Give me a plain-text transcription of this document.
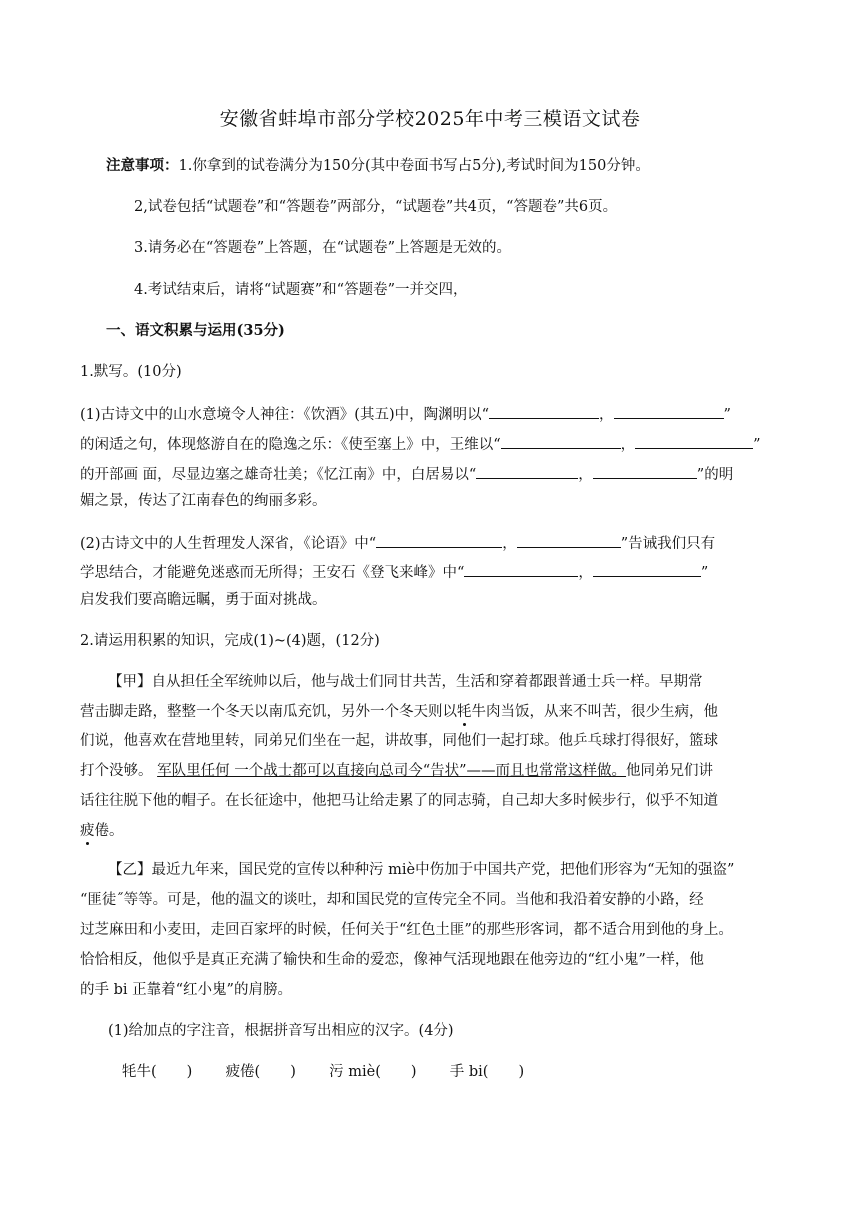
安徽省蚌埠市部分学校2025年中考三模语文试卷
注意事项：1.你拿到的试卷满分为150分(其中卷面书写占5分),考试时间为150分钟。
2,试卷包括“试题卷”和“答题卷”两部分，“试题卷”共4页，“答题卷”共6页。
3.请务必在“答题卷”上答题，在“试题卷”上答题是无效的。
4.考试结束后，请将“试题赛”和“答题卷”一并交四，
一、语文积累与运用(35分)
1.默写。(10分)
(1)古诗文中的山水意境令人神往：《饮酒》(其五)中，陶渊明以“	，	”
的闲适之句，体现悠游自在的隐逸之乐：《使至塞上》中，王维以“	，	”
的开部画 面，尽显边塞之雄奇壮美；《忆江南》中，白居易以“	，	”的明
媚之景，传达了江南春色的绚丽多彩。
(2)古诗文中的人生哲理发人深省，《论语》中“	，	”告诫我们只有
学思结合，才能避免迷惑而无所得；王安石《登飞来峰》中“	，	”
启发我们要高瞻远瞩，勇于面对挑战。
2.请运用积累的知识，完成(1)~(4)题，(12分)
【甲】自从担任全军统帅以后，他与战士们同甘共苦，生活和穿着都跟普通士兵一样。早期常
营击脚走路，整整一个冬天以南瓜充饥，另外一个冬天则以牦牛肉当饭，从来不叫苦，很少生病，他
们说，他喜欢在营地里转，同弟兄们坐在一起，讲故事，同他们一起打球。他乒乓球打得很好，篮球
打个没够。 军队里任何 一个战士都可以直接向总司今“告状”——而且也常常这样做。他同弟兄们讲
话往往脱下他的帽子。在长征途中，他把马让给走累了的同志骑，自己却大多时候步行，似乎不知道
疲倦。
【乙】最近九年来，国民党的宣传以种种污 miè中伤加于中国共产党，把他们形容为“无知的强盗”
“匪徒˝等等。可是，他的温文的谈吐，却和国民党的宣传完全不同。当他和我沿着安静的小路，经
过芝麻田和小麦田，走回百家坪的时候，任何关于“红色土匪”的那些形客词，都不适合用到他的身上。
恰恰相反，他似乎是真正充满了输快和生命的爱恋，像神气活现地跟在他旁边的“红小鬼”一样，他
的手 bi 正靠着“红小鬼”的肩膀。
(1)给加点的字注音，根据拼音写出相应的汉字。(4分)
牦牛( ) 疲倦( ) 污 miè( ) 手 bi( )
